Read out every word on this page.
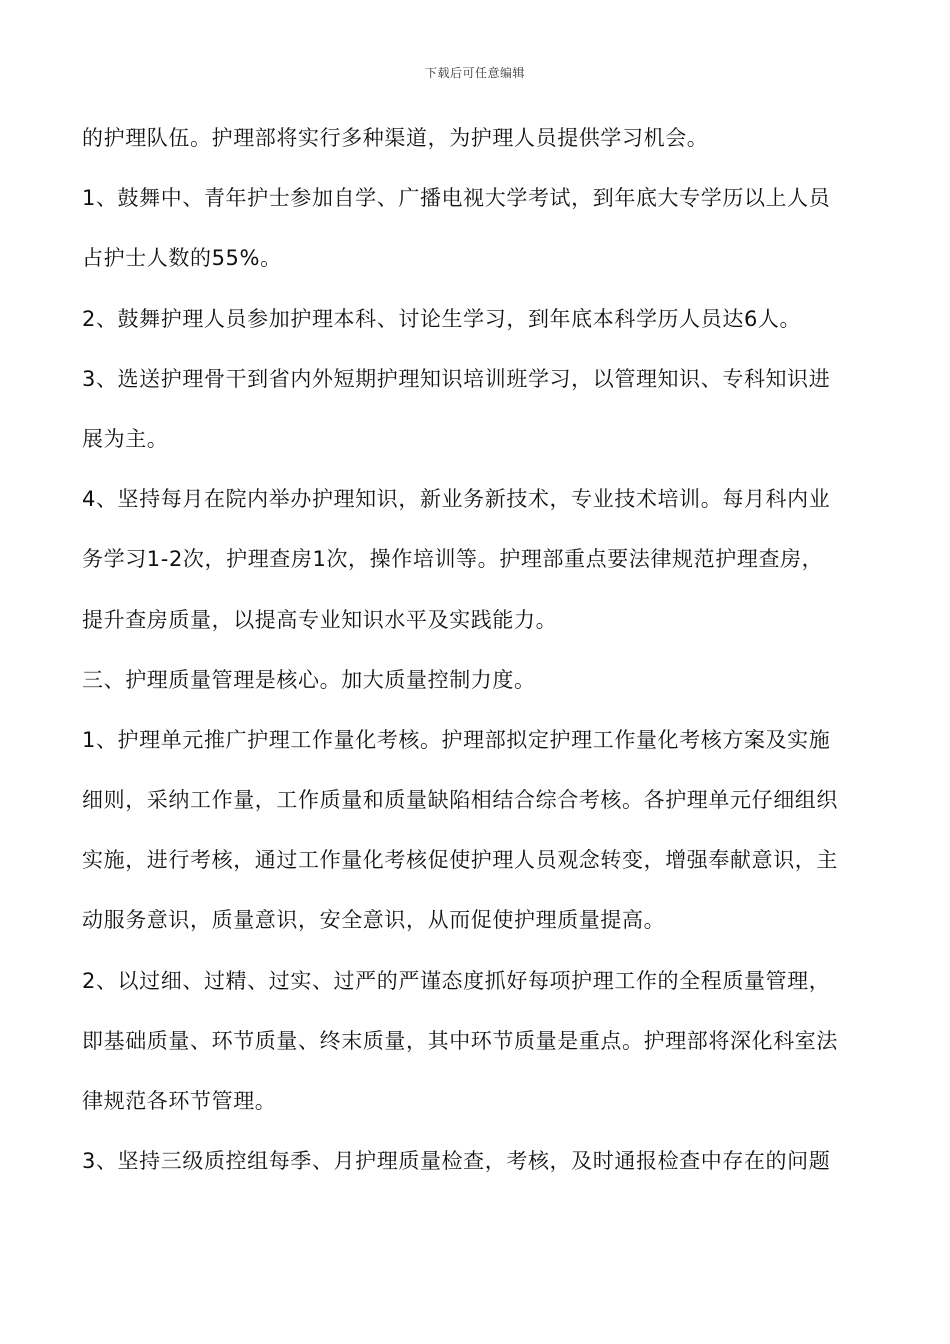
下载后可任意编辑
的护理队伍。护理部将实行多种渠道，为护理人员提供学习机会。
1、鼓舞中、青年护士参加自学、广播电视大学考试，到年底大专学历以上人员
占护士人数的55%。
2、鼓舞护理人员参加护理本科、讨论生学习，到年底本科学历人员达6人。
3、选送护理骨干到省内外短期护理知识培训班学习，以管理知识、专科知识进
展为主。
4、坚持每月在院内举办护理知识，新业务新技术，专业技术培训。每月科内业
务学习1-2次，护理查房1次，操作培训等。护理部重点要法律规范护理查房，
提升查房质量，以提高专业知识水平及实践能力。
三、护理质量管理是核心。加大质量控制力度。
1、护理单元推广护理工作量化考核。护理部拟定护理工作量化考核方案及实施
细则，采纳工作量，工作质量和质量缺陷相结合综合考核。各护理单元仔细组织
实施，进行考核，通过工作量化考核促使护理人员观念转变，增强奉献意识，主
动服务意识，质量意识，安全意识，从而促使护理质量提高。
2、以过细、过精、过实、过严的严谨态度抓好每项护理工作的全程质量管理，
即基础质量、环节质量、终末质量，其中环节质量是重点。护理部将深化科室法
律规范各环节管理。
3、坚持三级质控组每季、月护理质量检查，考核，及时通报检查中存在的问题
